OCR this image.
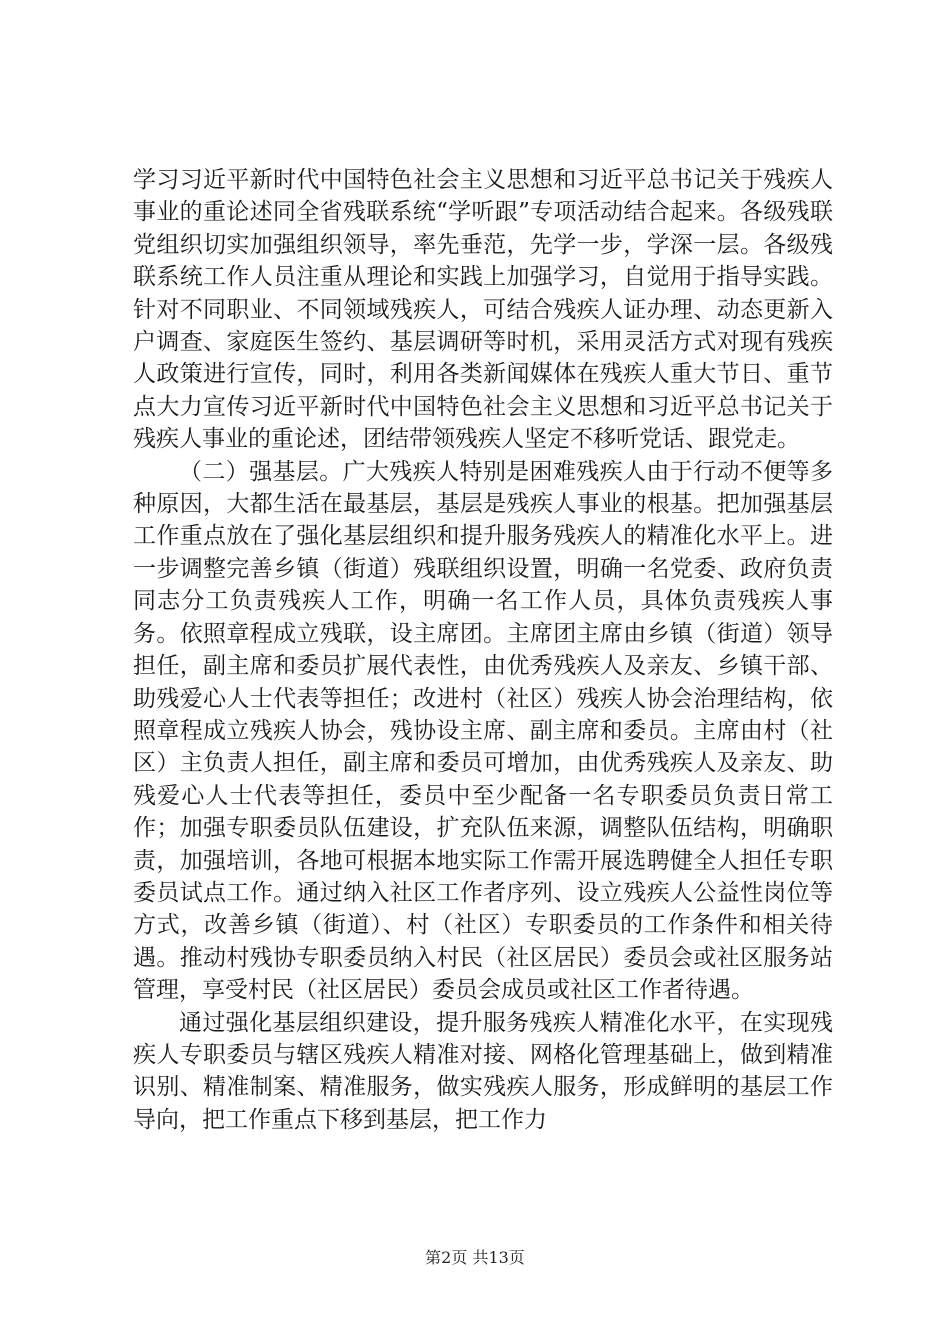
学习习近平新时代中国特色社会主义思想和习近平总书记关于残疾人事业的重论述同全省残联系统“学听跟”专项活动结合起来。各级残联党组织切实加强组织领导，率先垂范，先学一步，学深一层。各级残联系统工作人员注重从理论和实践上加强学习，自觉用于指导实践。针对不同职业、不同领域残疾人，可结合残疾人证办理、动态更新入户调查、家庭医生签约、基层调研等时机，采用灵活方式对现有残疾人政策进行宣传，同时，利用各类新闻媒体在残疾人重大节日、重节点大力宣传习近平新时代中国特色社会主义思想和习近平总书记关于残疾人事业的重论述，团结带领残疾人坚定不移听党话、跟党走。

（二）强基层。广大残疾人特别是困难残疾人由于行动不便等多种原因，大都生活在最基层，基层是残疾人事业的根基。把加强基层工作重点放在了强化基层组织和提升服务残疾人的精准化水平上。进一步调整完善乡镇（街道）残联组织设置，明确一名党委、政府负责同志分工负责残疾人工作，明确一名工作人员，具体负责残疾人事务。依照章程成立残联，设主席团。主席团主席由乡镇（街道）领导担任，副主席和委员扩展代表性，由优秀残疾人及亲友、乡镇干部、助残爱心人士代表等担任；改进村（社区）残疾人协会治理结构，依照章程成立残疾人协会，残协设主席、副主席和委员。主席由村（社区）主负责人担任，副主席和委员可增加，由优秀残疾人及亲友、助残爱心人士代表等担任，委员中至少配备一名专职委员负责日常工作；加强专职委员队伍建设，扩充队伍来源，调整队伍结构，明确职责，加强培训，各地可根据本地实际工作需开展选聘健全人担任专职委员试点工作。通过纳入社区工作者序列、设立残疾人公益性岗位等方式，改善乡镇（街道）、村（社区）专职委员的工作条件和相关待遇。推动村残协专职委员纳入村民（社区居民）委员会或社区服务站管理，享受村民（社区居民）委员会成员或社区工作者待遇。

通过强化基层组织建设，提升服务残疾人精准化水平，在实现残疾人专职委员与辖区残疾人精准对接、网格化管理基础上，做到精准识别、精准制案、精准服务，做实残疾人服务，形成鲜明的基层工作导向，把工作重点下移到基层，把工作力

第2页 共13页
